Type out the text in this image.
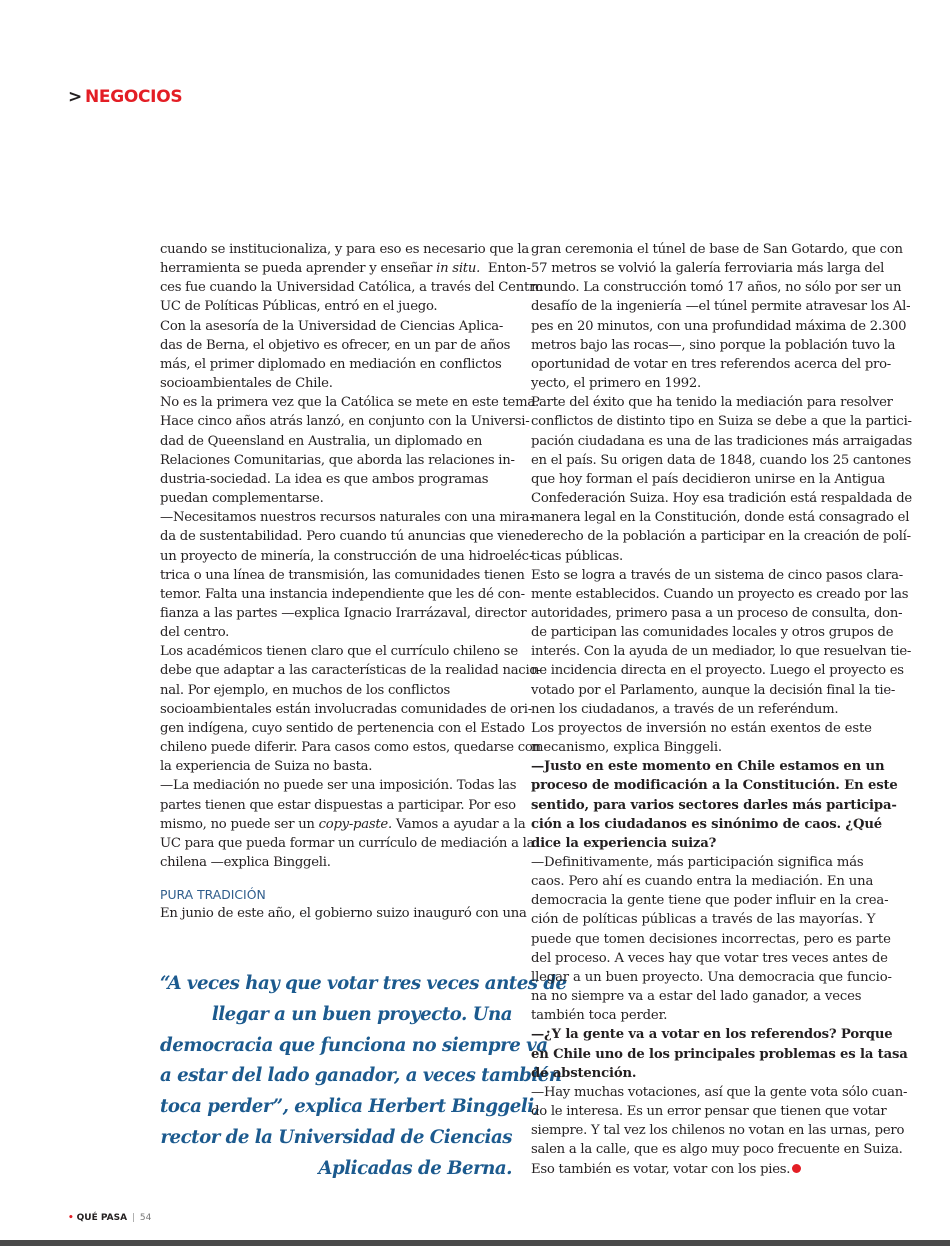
> NEGOCIOS

cuando se institucionaliza, y para eso es necesario que la

herramienta se pueda aprender y enseñar in situ.  Enton-

ces fue cuando la Universidad Católica, a través del Centro

UC de Políticas Públicas, entró en el juego.

Con la asesoría de la Universidad de Ciencias Aplica-

das de Berna, el objetivo es ofrecer, en un par de años

más, el primer diplomado en mediación en conflictos

socioambientales de Chile.

No es la primera vez que la Católica se mete en este tema.

Hace cinco años atrás lanzó, en conjunto con la Universi-

dad de Queensland en Australia, un diplomado en

Relaciones Comunitarias, que aborda las relaciones in-

dustria-sociedad. La idea es que ambos programas

puedan complementarse.

—Necesitamos nuestros recursos naturales con una mira-

da de sustentabilidad. Pero cuando tú anuncias que viene

un proyecto de minería, la construcción de una hidroeléc-

trica o una línea de transmisión, las comunidades tienen

temor. Falta una instancia independiente que les dé con-

fianza a las partes —explica Ignacio Irarrázaval, director

del centro.

Los académicos tienen claro que el currículo chileno se

debe que adaptar a las características de la realidad nacio-

nal. Por ejemplo, en muchos de los conflictos

socioambientales están involucradas comunidades de ori-

gen indígena, cuyo sentido de pertenencia con el Estado

chileno puede diferir. Para casos como estos, quedarse con

la experiencia de Suiza no basta.

—La mediación no puede ser una imposición. Todas las

partes tienen que estar dispuestas a participar. Por eso

mismo, no puede ser un copy-paste. Vamos a ayudar a la

UC para que pueda formar un currículo de mediación a la

chilena —explica Binggeli.

PURA TRADICIÓN

En junio de este año, el gobierno suizo inauguró con una

“A veces hay que votar tres veces antes de

llegar a un buen proyecto. Una

democracia que funciona no siempre va

a estar del lado ganador, a veces también

toca perder”, explica Herbert Binggeli,

rector de la Universidad de Ciencias

Aplicadas de Berna.

gran ceremonia el túnel de base de San Gotardo, que con

57 metros se volvió la galería ferroviaria más larga del

mundo. La construcción tomó 17 años, no sólo por ser un

desafío de la ingeniería —el túnel permite atravesar los Al-

pes en 20 minutos, con una profundidad máxima de 2.300

metros bajo las rocas—, sino porque la población tuvo la

oportunidad de votar en tres referendos acerca del pro-

yecto, el primero en 1992.

Parte del éxito que ha tenido la mediación para resolver

conflictos de distinto tipo en Suiza se debe a que la partici-

pación ciudadana es una de las tradiciones más arraigadas

en el país. Su origen data de 1848, cuando los 25 cantones

que hoy forman el país decidieron unirse en la Antigua

Confederación Suiza. Hoy esa tradición está respaldada de

manera legal en la Constitución, donde está consagrado el

derecho de la población a participar en la creación de polí-

ticas públicas.

Esto se logra a través de un sistema de cinco pasos clara-

mente establecidos. Cuando un proyecto es creado por las

autoridades, primero pasa a un proceso de consulta, don-

de participan las comunidades locales y otros grupos de

interés. Con la ayuda de un mediador, lo que resuelvan tie-

ne incidencia directa en el proyecto. Luego el proyecto es

votado por el Parlamento, aunque la decisión final la tie-

nen los ciudadanos, a través de un referéndum.

Los proyectos de inversión no están exentos de este

mecanismo, explica Binggeli.

—Justo en este momento en Chile estamos en un

proceso de modificación a la Constitución. En este

sentido, para varios sectores darles más participa-

ción a los ciudadanos es sinónimo de caos. ¿Qué

dice la experiencia suiza?

—Definitivamente, más participación significa más

caos. Pero ahí es cuando entra la mediación. En una

democracia la gente tiene que poder influir en la crea-

ción de políticas públicas a través de las mayorías. Y

puede que tomen decisiones incorrectas, pero es parte

del proceso. A veces hay que votar tres veces antes de

llegar a un buen proyecto. Una democracia que funcio-

na no siempre va a estar del lado ganador, a veces

también toca perder.

—¿Y la gente va a votar en los referendos? Porque

en Chile uno de los principales problemas es la tasa

de abstención.

—Hay muchas votaciones, así que la gente vota sólo cuan-

do le interesa. Es un error pensar que tienen que votar

siempre. Y tal vez los chilenos no votan en las urnas, pero

salen a la calle, que es algo muy poco frecuente en Suiza.

Eso también es votar, votar con los pies.

• QUÉ PASA | 54
